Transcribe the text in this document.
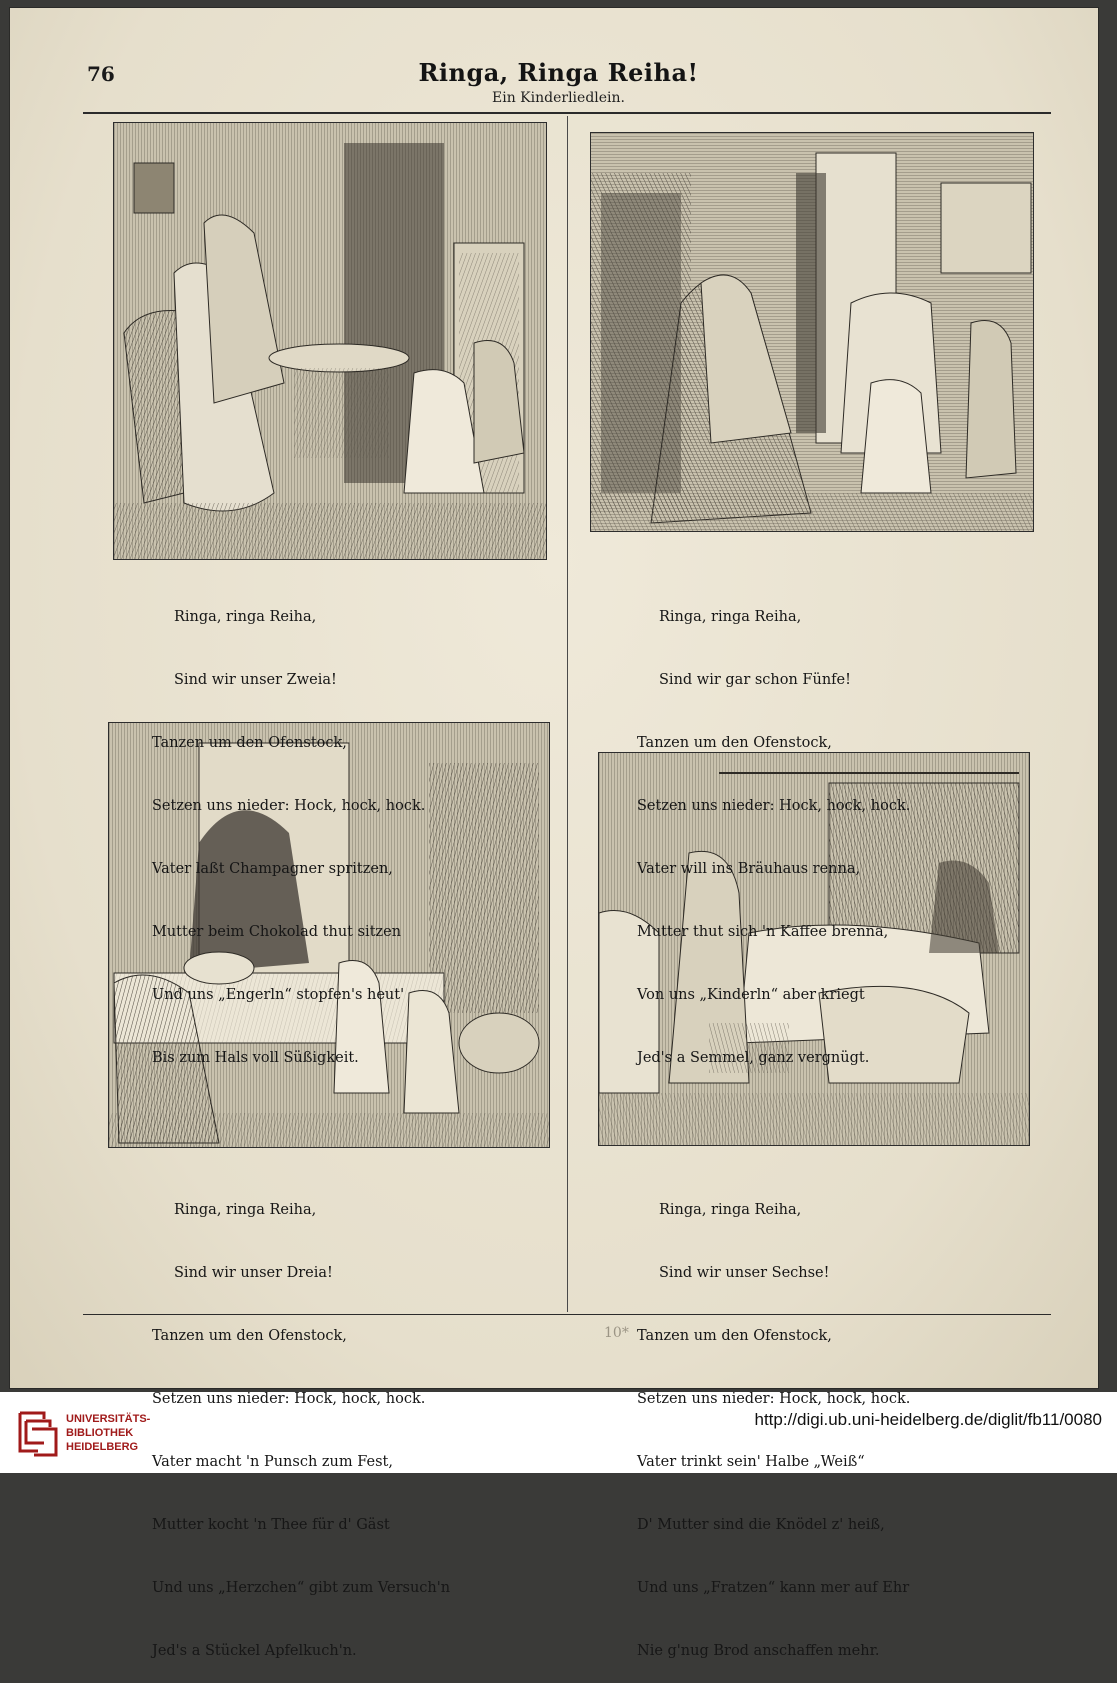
76	Ringa, Ringa Reiha!
Ein Kinderliedlein.

Ringa, ringa Reiha,

Sind wir unser Zweia!

Tanzen um den Ofenstock,

Setzen uns nieder: Hock, hock, hock.

Vater laßt Champagner spritzen,

Mutter beim Chokolad thut sitzen

Und uns „Engerln“ stopfen's heut'

Bis zum Hals voll Süßigkeit.

Ringa, ringa Reiha,

Sind wir gar schon Fünfe!

Tanzen um den Ofenstock,

Setzen uns nieder: Hock, hock, hock.

Vater will ins Bräuhaus renna,

Mutter thut sich 'n Kaffee brenna,

Von uns „Kinderln“ aber kriegt

Jed's a Semmel, ganz vergnügt.

Ringa, ringa Reiha,

Sind wir unser Dreia!

Tanzen um den Ofenstock,

Setzen uns nieder: Hock, hock, hock.

Vater macht 'n Punsch zum Fest,

Mutter kocht 'n Thee für d' Gäst

Und uns „Herzchen“ gibt zum Versuch'n

Jed's a Stückel Apfelkuch'n.

Ringa, ringa Reiha,

Sind wir unser Sechse!

Tanzen um den Ofenstock,

Setzen uns nieder: Hock, hock, hock.

Vater trinkt sein' Halbe „Weiß“

D' Mutter sind die Knödel z' heiß,

Und uns „Fratzen“ kann mer auf Ehr

Nie g'nug Brod anschaffen mehr.

10*
UNIVERSITÄTS-
BIBLIOTHEK
HEIDELBERG
http://digi.ub.uni-heidelberg.de/diglit/fb11/0080
